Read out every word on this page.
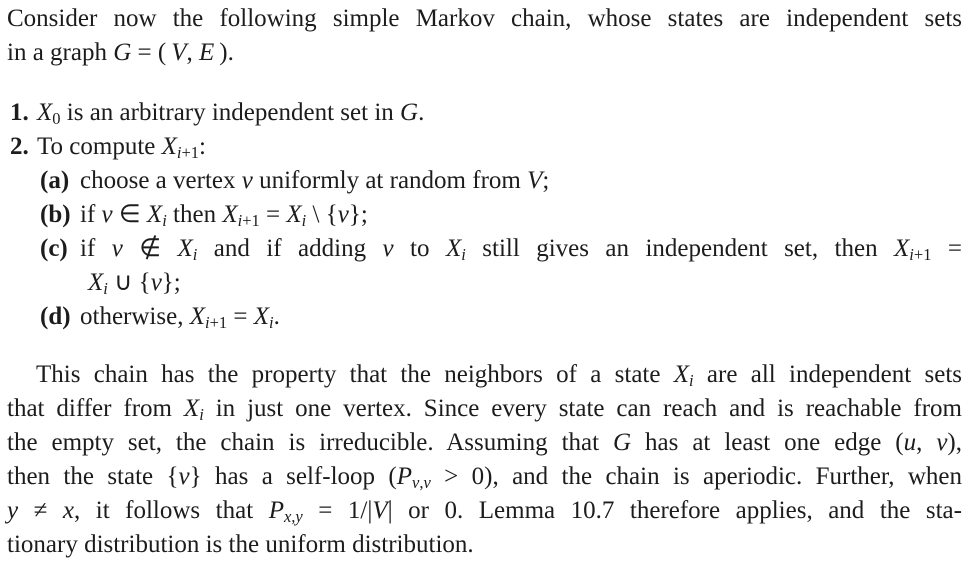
Consider now the following simple Markov chain, whose states are independent sets
in a graph G = ( V, E ).
1. X0 is an arbitrary independent set in G.
2. To compute Xi+1:
(a) choose a vertex v uniformly at random from V;
(b) if v ∈ Xi then Xi+1 = Xi \ {v};
(c) if v ∉ Xi and if adding v to Xi still gives an independent set, then Xi+1 =
Xi ∪ {v};
(d) otherwise, Xi+1 = Xi.
This chain has the property that the neighbors of a state Xi are all independent sets
that differ from Xi in just one vertex. Since every state can reach and is reachable from
the empty set, the chain is irreducible. Assuming that G has at least one edge (u, v),
then the state {v} has a self-loop (Pv,v > 0), and the chain is aperiodic. Further, when
y ≠ x, it follows that Px,y = 1/|V| or 0. Lemma 10.7 therefore applies, and the sta-
tionary distribution is the uniform distribution.
